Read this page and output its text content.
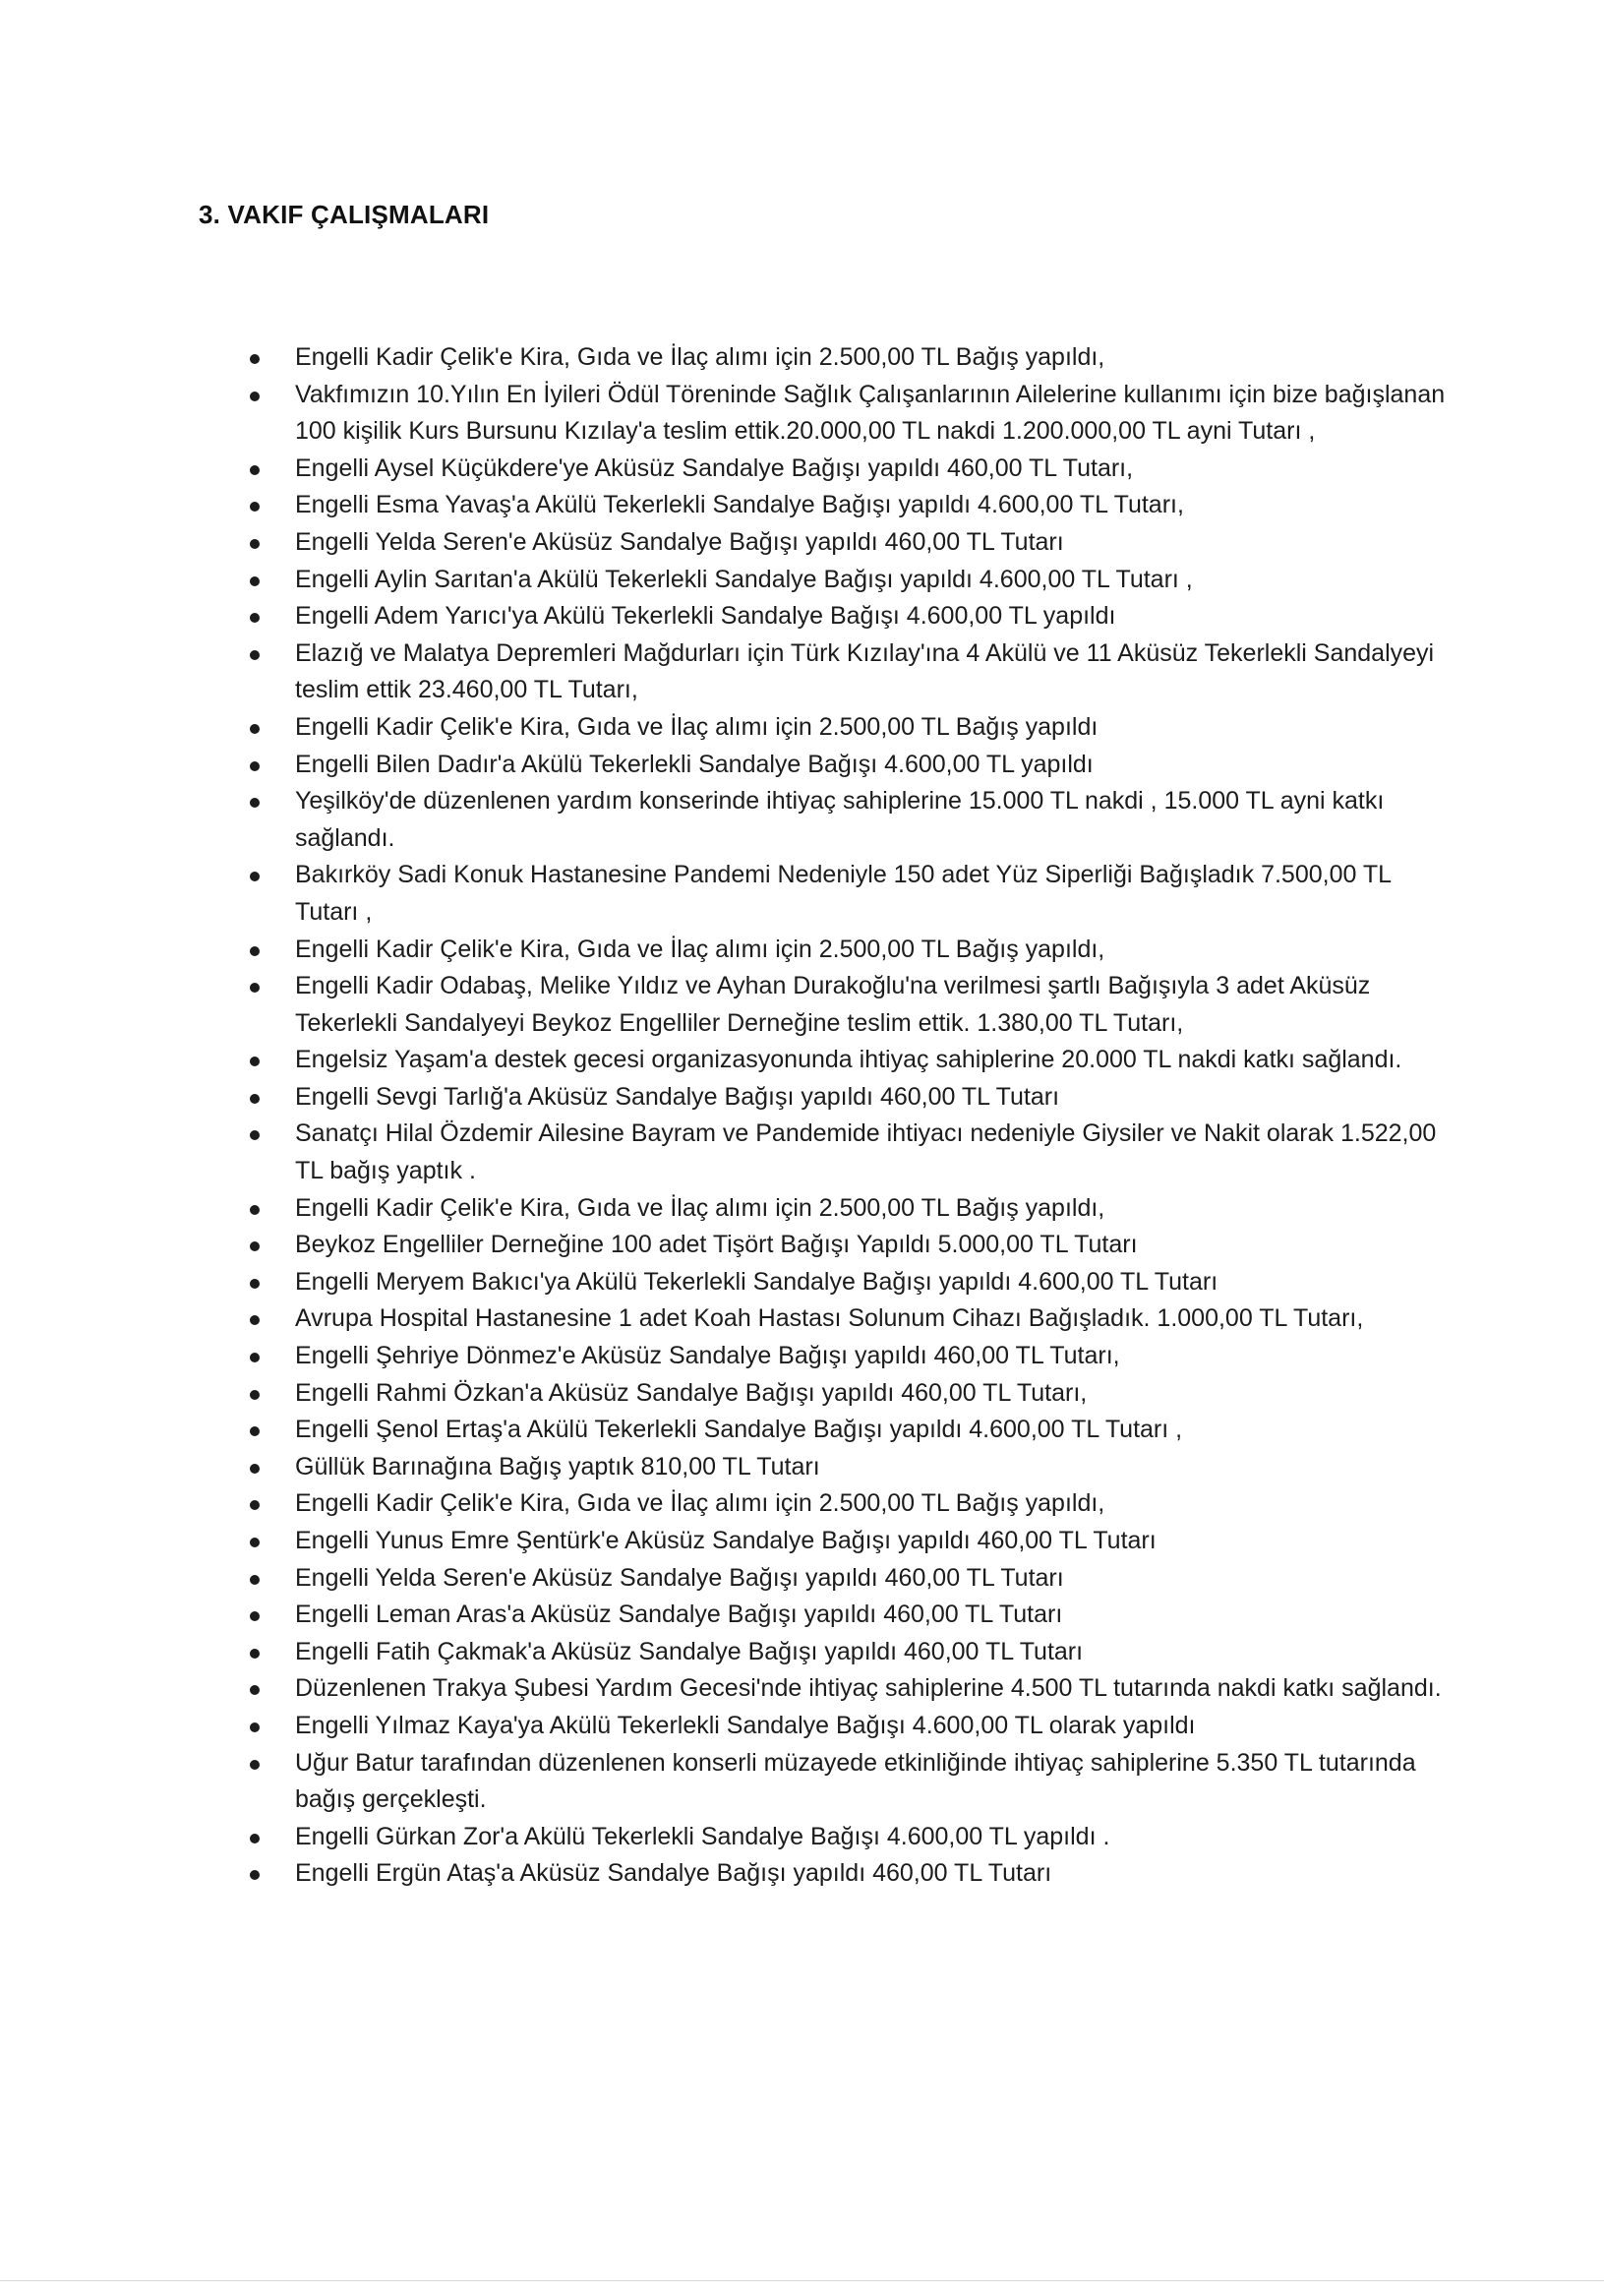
3. VAKIF ÇALIŞMALARI
Engelli Kadir Çelik'e Kira, Gıda ve İlaç alımı için 2.500,00 TL Bağış yapıldı,
Vakfımızın 10.Yılın En İyileri Ödül Töreninde Sağlık Çalışanlarının Ailelerine kullanımı için bize bağışlanan 100 kişilik Kurs Bursunu Kızılay'a teslim ettik.20.000,00 TL nakdi 1.200.000,00 TL ayni Tutarı ,
Engelli Aysel Küçükdere'ye Aküsüz Sandalye Bağışı yapıldı 460,00 TL Tutarı,
Engelli Esma Yavaş'a Akülü Tekerlekli Sandalye Bağışı yapıldı 4.600,00 TL Tutarı,
Engelli Yelda Seren'e Aküsüz Sandalye Bağışı yapıldı 460,00 TL Tutarı
Engelli Aylin Sarıtan'a Akülü Tekerlekli Sandalye Bağışı yapıldı 4.600,00 TL Tutarı ,
Engelli Adem Yarıcı'ya Akülü Tekerlekli Sandalye Bağışı 4.600,00 TL yapıldı
Elazığ ve Malatya Depremleri Mağdurları için Türk Kızılay'ına 4 Akülü ve 11 Aküsüz Tekerlekli Sandalyeyi teslim ettik 23.460,00 TL Tutarı,
Engelli Kadir Çelik'e Kira, Gıda ve İlaç alımı için 2.500,00 TL Bağış yapıldı
Engelli Bilen Dadır'a Akülü Tekerlekli Sandalye Bağışı 4.600,00 TL yapıldı
Yeşilköy'de düzenlenen yardım konserinde ihtiyaç sahiplerine 15.000 TL nakdi , 15.000 TL ayni katkı sağlandı.
Bakırköy Sadi Konuk Hastanesine Pandemi Nedeniyle 150 adet Yüz Siperliği Bağışladık 7.500,00 TL Tutarı ,
Engelli Kadir Çelik'e Kira, Gıda ve İlaç alımı için 2.500,00 TL Bağış yapıldı,
Engelli Kadir Odabaş, Melike Yıldız ve Ayhan Durakoğlu'na verilmesi şartlı Bağışıyla 3 adet Aküsüz Tekerlekli Sandalyeyi Beykoz Engelliler Derneğine teslim ettik. 1.380,00 TL Tutarı,
Engelsiz Yaşam'a destek gecesi organizasyonunda ihtiyaç sahiplerine 20.000 TL nakdi katkı sağlandı.
Engelli Sevgi Tarlığ'a Aküsüz Sandalye Bağışı yapıldı 460,00 TL Tutarı
Sanatçı Hilal Özdemir Ailesine Bayram ve Pandemide ihtiyacı nedeniyle Giysiler ve Nakit olarak 1.522,00 TL bağış yaptık .
Engelli Kadir Çelik'e Kira, Gıda ve İlaç alımı için 2.500,00 TL Bağış yapıldı,
Beykoz Engelliler Derneğine 100 adet Tişört Bağışı Yapıldı 5.000,00 TL Tutarı
Engelli Meryem Bakıcı'ya Akülü Tekerlekli Sandalye Bağışı yapıldı 4.600,00 TL Tutarı
Avrupa Hospital Hastanesine 1 adet Koah Hastası Solunum Cihazı Bağışladık. 1.000,00 TL Tutarı,
Engelli Şehriye Dönmez'e Aküsüz Sandalye Bağışı yapıldı 460,00 TL Tutarı,
Engelli Rahmi Özkan'a Aküsüz Sandalye Bağışı yapıldı 460,00 TL Tutarı,
Engelli Şenol Ertaş'a Akülü Tekerlekli Sandalye Bağışı yapıldı 4.600,00 TL Tutarı ,
Güllük Barınağına Bağış yaptık 810,00 TL Tutarı
Engelli Kadir Çelik'e Kira, Gıda ve İlaç alımı için 2.500,00 TL Bağış yapıldı,
Engelli Yunus Emre Şentürk'e Aküsüz Sandalye Bağışı yapıldı 460,00 TL Tutarı
Engelli Yelda Seren'e Aküsüz Sandalye Bağışı yapıldı 460,00 TL Tutarı
Engelli Leman Aras'a Aküsüz Sandalye Bağışı yapıldı 460,00 TL Tutarı
Engelli Fatih Çakmak'a Aküsüz Sandalye Bağışı yapıldı 460,00 TL Tutarı
Düzenlenen Trakya Şubesi Yardım Gecesi'nde ihtiyaç sahiplerine 4.500 TL tutarında nakdi katkı sağlandı.
Engelli Yılmaz Kaya'ya Akülü Tekerlekli Sandalye Bağışı 4.600,00 TL olarak yapıldı
Uğur Batur tarafından düzenlenen konserli müzayede etkinliğinde ihtiyaç sahiplerine 5.350 TL tutarında bağış gerçekleşti.
Engelli Gürkan Zor'a Akülü Tekerlekli Sandalye Bağışı 4.600,00 TL yapıldı .
Engelli Ergün Ataş'a Aküsüz Sandalye Bağışı yapıldı 460,00 TL Tutarı
